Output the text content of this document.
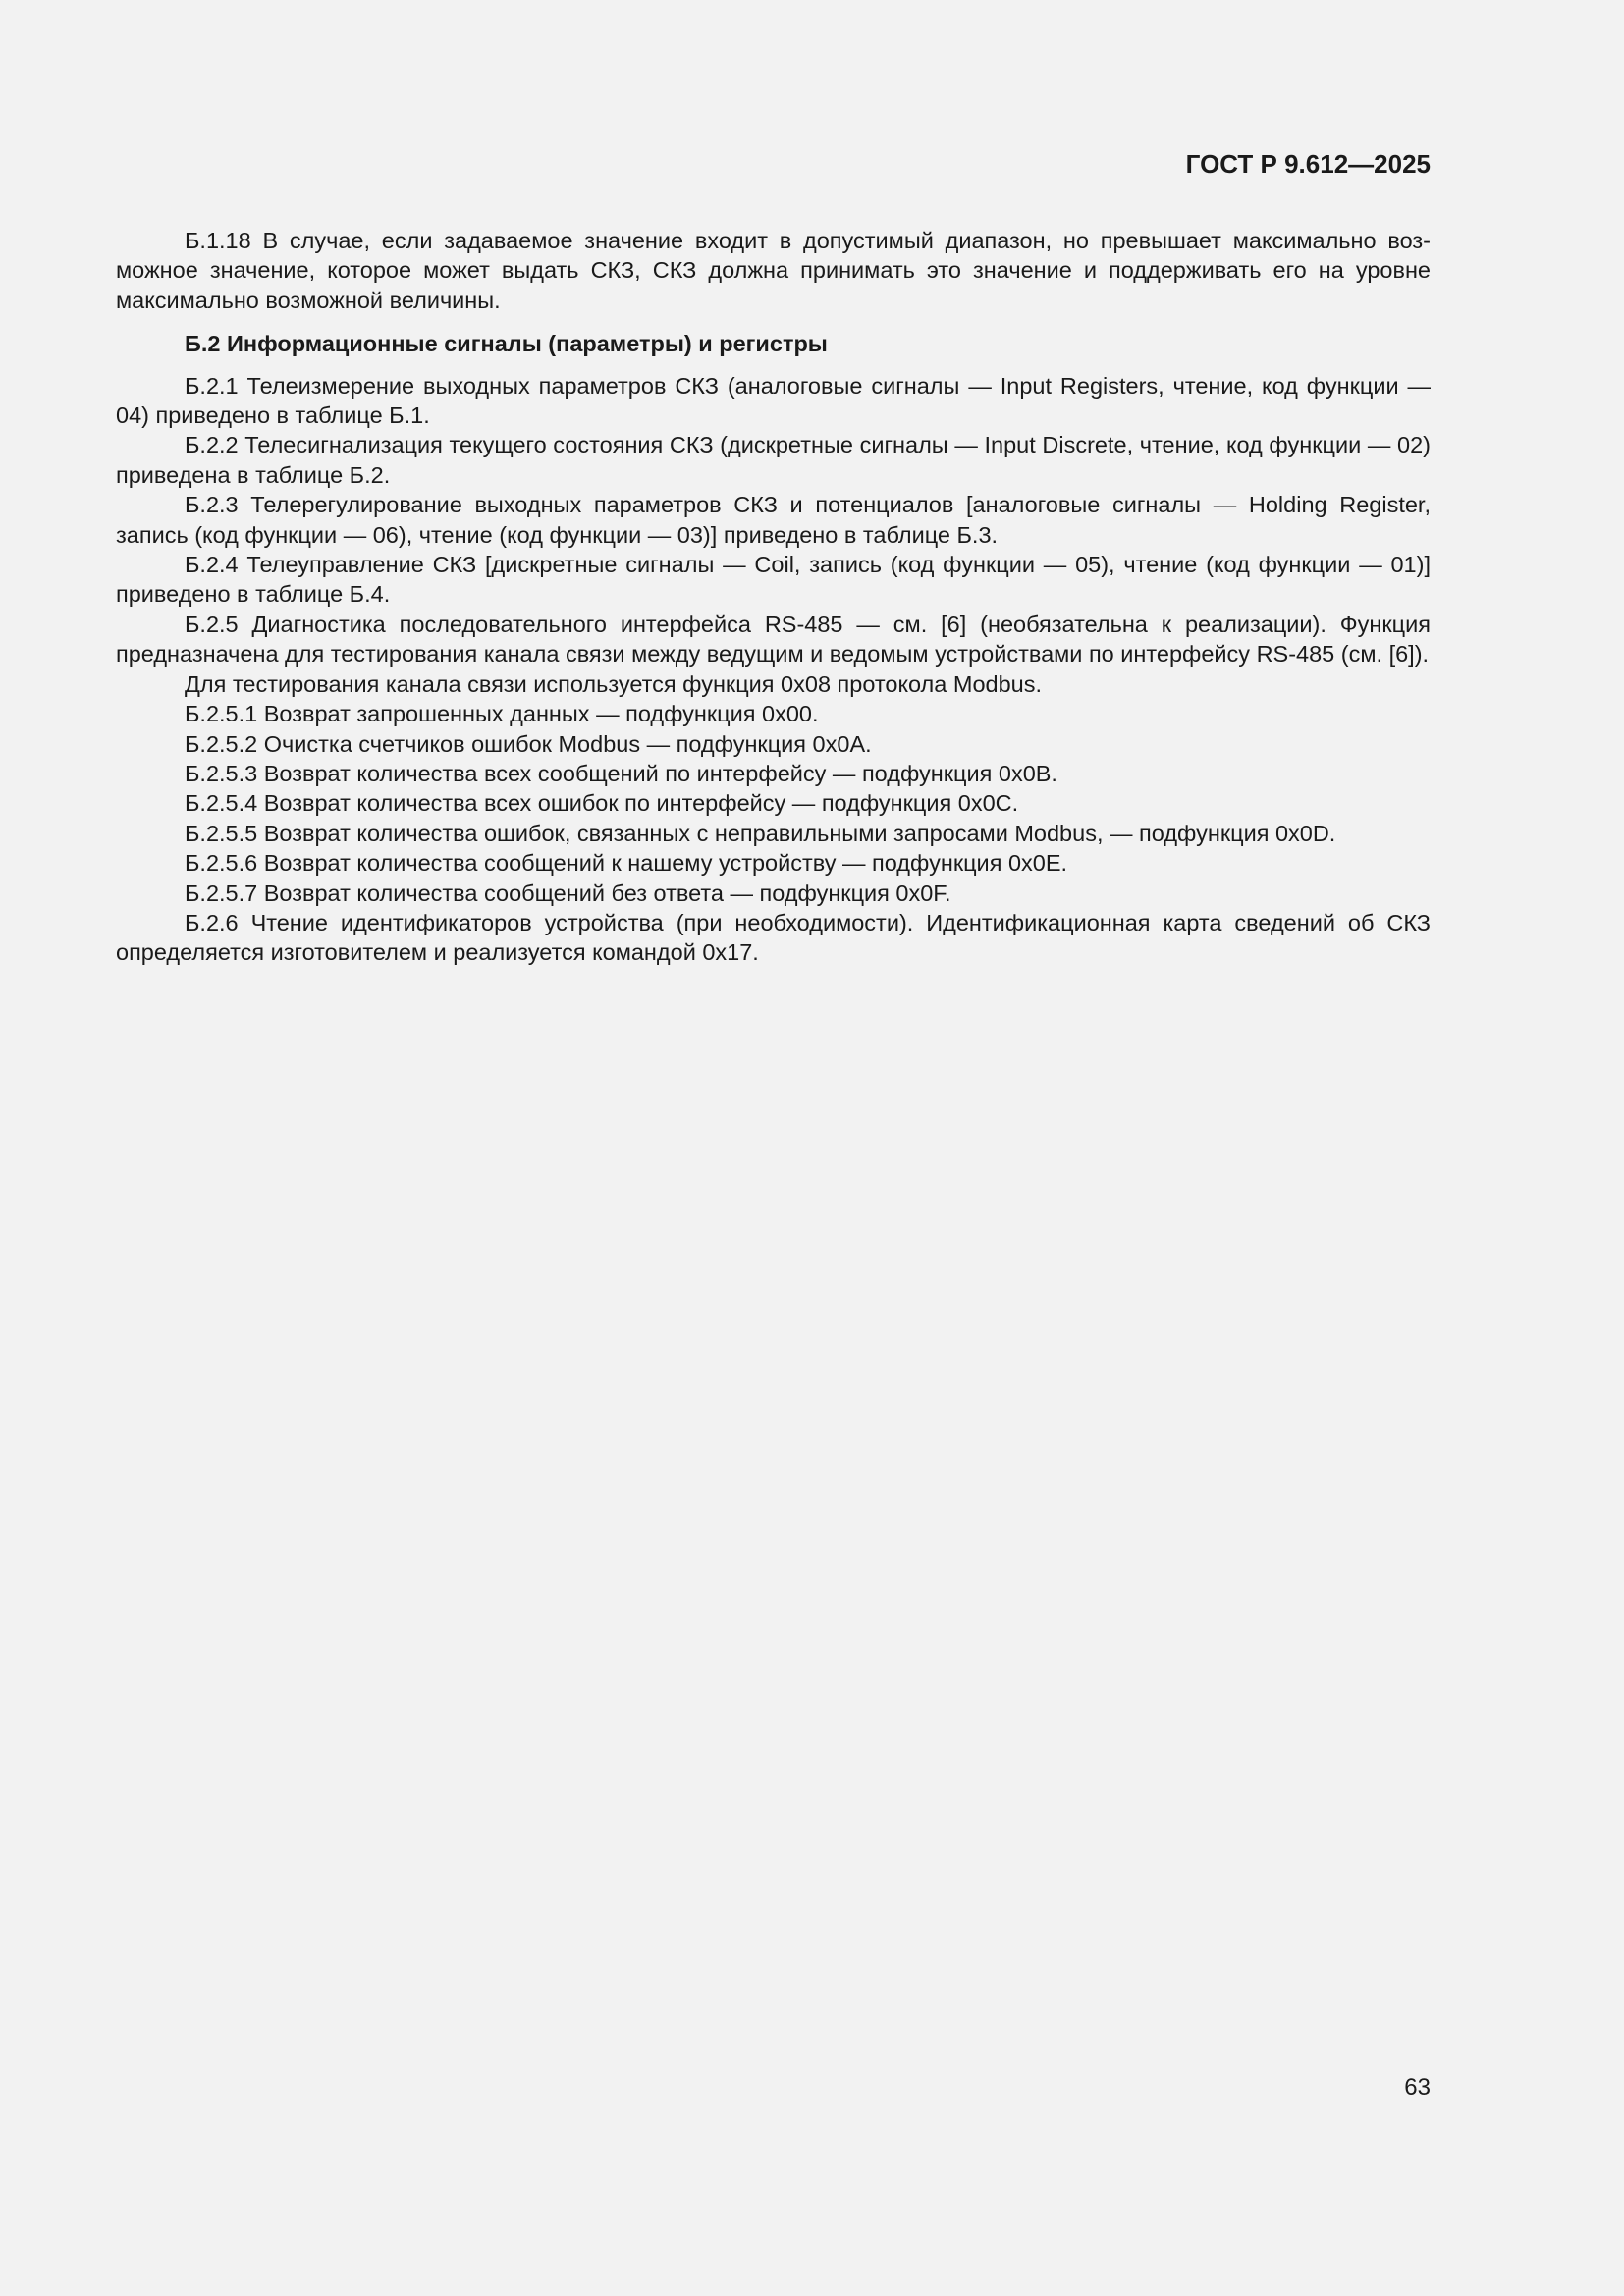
ГОСТ Р 9.612—2025

Б.1.18 В случае, если задаваемое значение входит в допустимый диапазон, но превышает максимально возможное значение, которое может выдать СКЗ, СКЗ должна принимать это значение и поддерживать его на уровне максимально возможной величины.

Б.2 Информационные сигналы (параметры) и регистры

Б.2.1 Телеизмерение выходных параметров СКЗ (аналоговые сигналы — Input Registers, чтение, код функции — 04) приведено в таблице Б.1.

Б.2.2 Телесигнализация текущего состояния СКЗ (дискретные сигналы — Input Discrete, чтение, код функции — 02) приведена в таблице Б.2.

Б.2.3 Телерегулирование выходных параметров СКЗ и потенциалов [аналоговые сигналы — Holding Register, запись (код функции — 06), чтение (код функции — 03)] приведено в таблице Б.3.

Б.2.4 Телеуправление СКЗ [дискретные сигналы — Coil, запись (код функции — 05), чтение (код функции — 01)] приведено в таблице Б.4.

Б.2.5 Диагностика последовательного интерфейса RS-485 — см. [6] (необязательна к реализации). Функция предназначена для тестирования канала связи между ведущим и ведомым устройствами по интерфейсу RS-485 (см. [6]).

Для тестирования канала связи используется функция 0x08 протокола Modbus.

Б.2.5.1 Возврат запрошенных данных — подфункция 0x00.

Б.2.5.2 Очистка счетчиков ошибок Modbus — подфункция 0x0A.

Б.2.5.3 Возврат количества всех сообщений по интерфейсу — подфункция 0x0B.

Б.2.5.4 Возврат количества всех ошибок по интерфейсу — подфункция 0x0C.

Б.2.5.5 Возврат количества ошибок, связанных с неправильными запросами Modbus, — подфункция 0x0D.

Б.2.5.6 Возврат количества сообщений к нашему устройству — подфункция 0x0E.

Б.2.5.7 Возврат количества сообщений без ответа — подфункция 0x0F.

Б.2.6 Чтение идентификаторов устройства (при необходимости). Идентификационная карта сведений об СКЗ определяется изготовителем и реализуется командой 0x17.

63
